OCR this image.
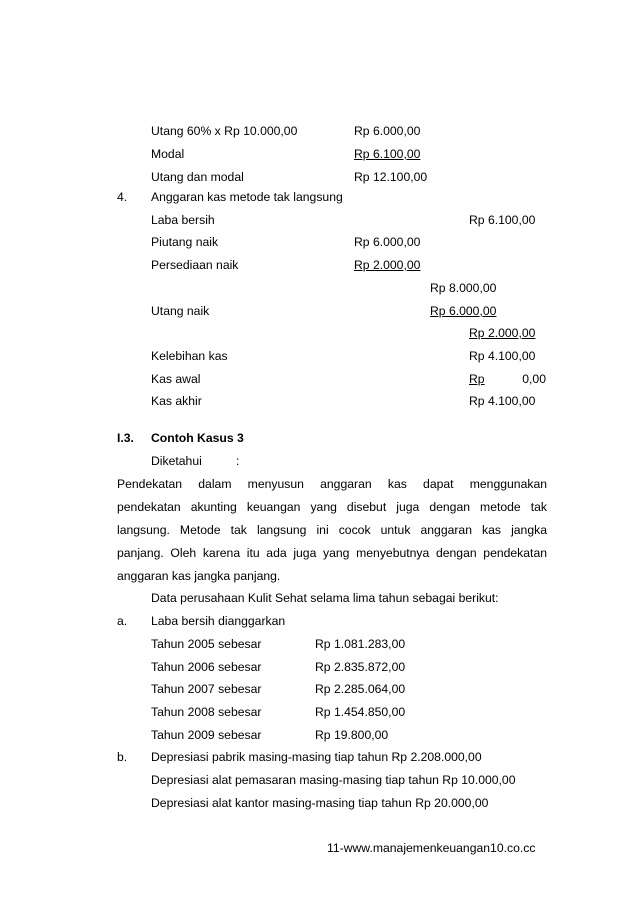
Utang 60% x Rp 10.000,00	Rp 6.000,00
Modal	Rp 6.100,00
Utang dan modal	Rp 12.100,00
4. Anggaran kas metode tak langsung
Laba bersih	Rp 6.100,00
Piutang naik	Rp 6.000,00
Persediaan naik	Rp 2.000,00
Rp 8.000,00
Utang naik	Rp 6.000,00
Rp 2.000,00
Kelebihan kas	Rp 4.100,00
Kas awal	Rp	0,00
Kas akhir	Rp 4.100,00
I.3. Contoh Kasus 3
Diketahui	:
Pendekatan dalam menyusun anggaran kas dapat menggunakan
pendekatan akunting keuangan yang disebut juga dengan metode tak
langsung. Metode tak langsung ini cocok untuk anggaran kas jangka
panjang. Oleh karena itu ada juga yang menyebutnya dengan pendekatan
anggaran kas jangka panjang.
Data perusahaan Kulit Sehat selama lima tahun sebagai berikut:
a. Laba bersih dianggarkan
Tahun 2005 sebesar	Rp 1.081.283,00
Tahun 2006 sebesar	Rp 2.835.872,00
Tahun 2007 sebesar	Rp 2.285.064,00
Tahun 2008 sebesar	Rp 1.454.850,00
Tahun 2009 sebesar	Rp 19.800,00
b. Depresiasi pabrik masing-masing tiap tahun Rp 2.208.000,00
Depresiasi alat pemasaran masing-masing tiap tahun Rp 10.000,00
Depresiasi alat kantor masing-masing tiap tahun Rp 20.000,00
11-www.manajemenkeuangan10.co.cc
